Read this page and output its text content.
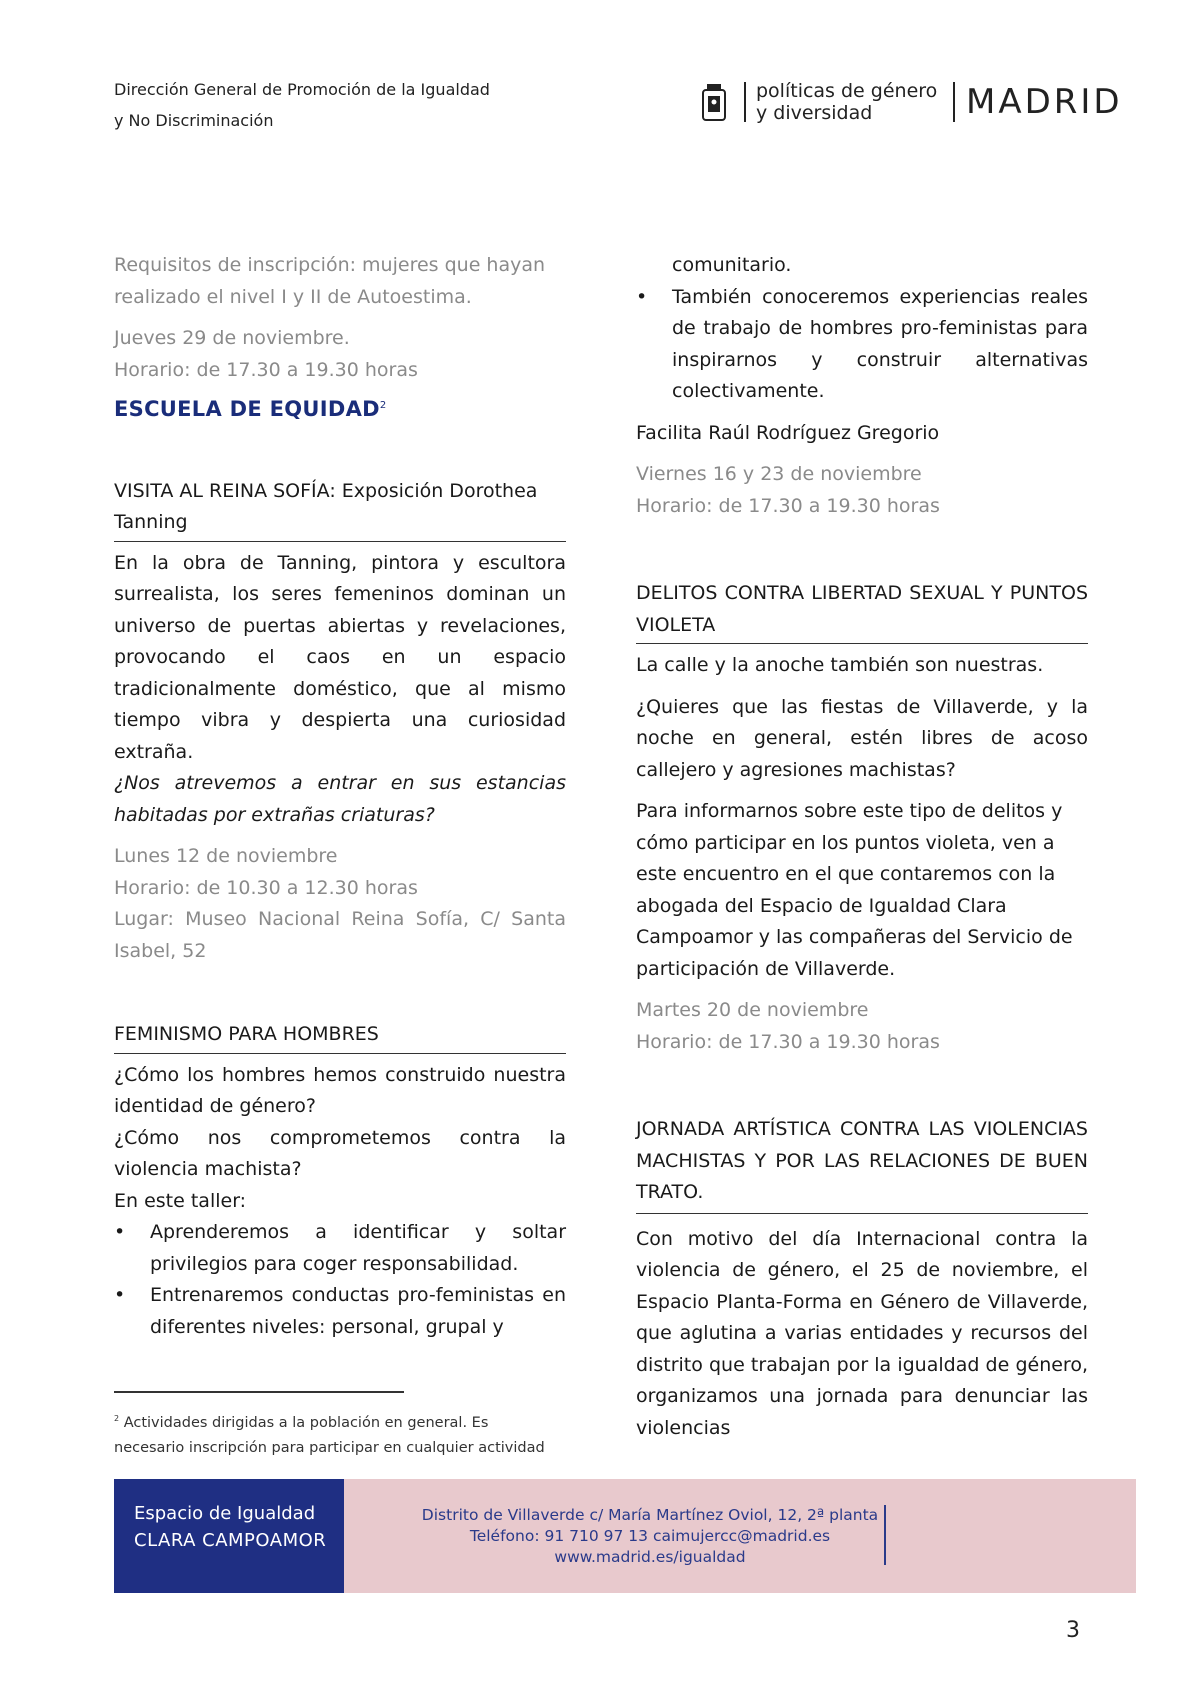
Dirección General de Promoción de la Igualdad
y No Discriminación
políticas de género
y diversidad	MADRID
Requisitos de inscripción: mujeres que hayan
realizado el nivel I y II de Autoestima.
Jueves 29 de noviembre.
Horario: de 17.30 a 19.30 horas
ESCUELA DE EQUIDAD$^2$
VISITA AL REINA SOFÍA: Exposición Dorothea Tanning
En la obra de Tanning, pintora y escultora surrealista, los seres femeninos dominan un universo de puertas abiertas y revelaciones, provocando el caos en un espacio tradicionalmente doméstico, que al mismo tiempo vibra y despierta una curiosidad extraña.
¿Nos atrevemos a entrar en sus estancias habitadas por extrañas criaturas?
Lunes 12 de noviembre
Horario: de 10.30 a 12.30 horas
Lugar: Museo Nacional Reina Sofía, C/ Santa Isabel, 52
FEMINISMO PARA HOMBRES
¿Cómo los hombres hemos construido nuestra identidad de género?
¿Cómo nos comprometemos contra la violencia machista?
En este taller:
• Aprenderemos a identificar y soltar privilegios para coger responsabilidad.
• Entrenaremos conductas pro-feministas en diferentes niveles: personal, grupal y
comunitario.
• También conoceremos experiencias reales de trabajo de hombres pro-feministas para inspirarnos y construir alternativas colectivamente.
Facilita Raúl Rodríguez Gregorio
Viernes 16 y 23 de noviembre
Horario: de 17.30 a 19.30 horas
DELITOS CONTRA LIBERTAD SEXUAL Y PUNTOS VIOLETA
La calle y la anoche también son nuestras.
¿Quieres que las fiestas de Villaverde, y la noche en general, estén libres de acoso callejero y agresiones machistas?
Para informarnos sobre este tipo de delitos y cómo participar en los puntos violeta, ven a este encuentro en el que contaremos con la abogada del Espacio de Igualdad Clara Campoamor y las compañeras del Servicio de participación de Villaverde.
Martes 20 de noviembre
Horario: de 17.30 a 19.30 horas
JORNADA ARTÍSTICA CONTRA LAS VIOLENCIAS MACHISTAS Y POR LAS RELACIONES DE BUEN TRATO.
Con motivo del día Internacional contra la violencia de género, el 25 de noviembre, el Espacio Planta-Forma en Género de Villaverde, que aglutina a varias entidades y recursos del distrito que trabajan por la igualdad de género, organizamos una jornada para denunciar las violencias
$^2$ Actividades dirigidas a la población en general. Es necesario inscripción para participar en cualquier actividad
Espacio de Igualdad
CLARA CAMPOAMOR
Distrito de Villaverde c/ María Martínez Oviol, 12, 2ª planta
Teléfono: 91 710 97 13 caimujercc@madrid.es
www.madrid.es/igualdad
3
